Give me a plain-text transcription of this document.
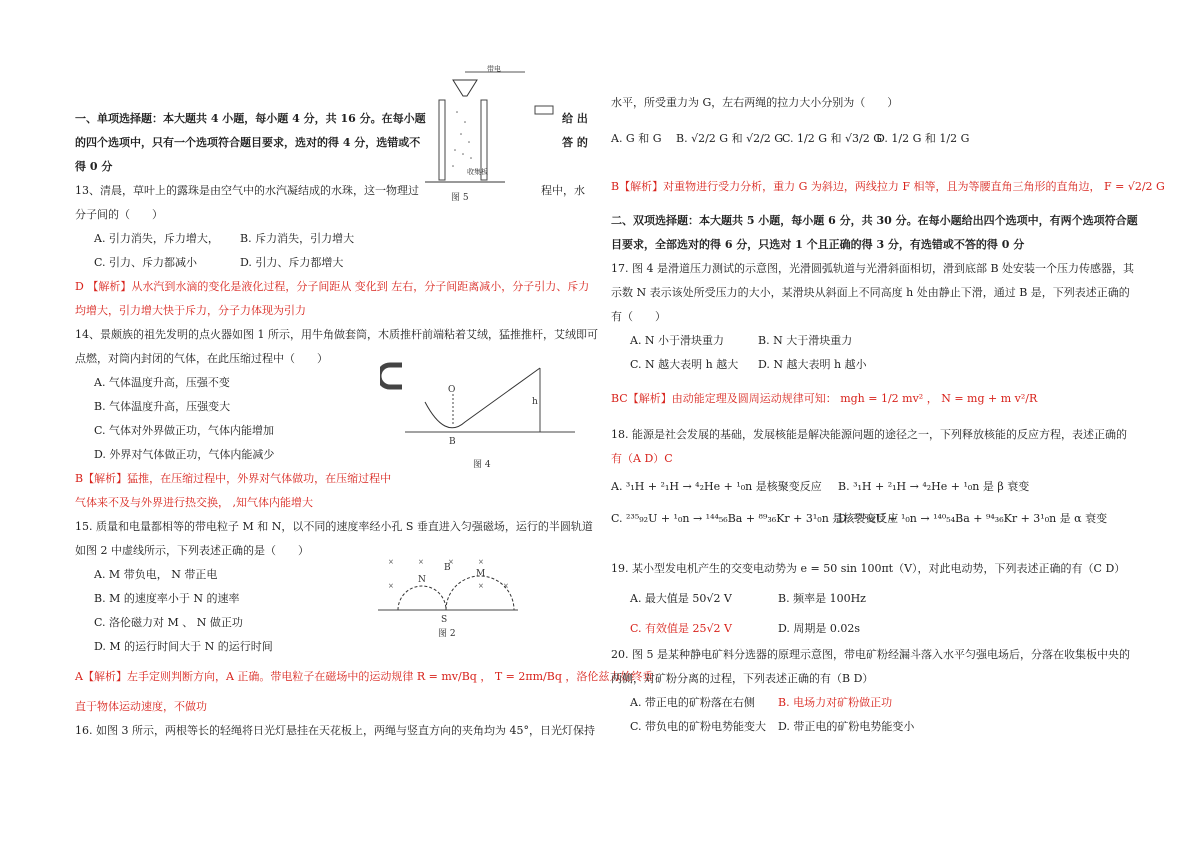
一、单项选择题：本大题共 4 小题，每小题 4 分，共 16 分。在每小题	给 出
的四个选项中，只有一个选项符合题目要求，选对的得 4 分，选错或不	答 的
得 0 分
13、清晨，草叶上的露珠是由空气中的水汽凝结成的水珠，这一物理过	程中，水
分子间的（　　）
A. 引力消失，斥力增大， B. 斥力消失，引力增大
C. 引力、斥力都减小	D. 引力、斥力都增大
D 【解析】从水汽到水滴的变化是液化过程，分子间距从 变化到 左右，分子间距离减小，分子引力、斥力
均增大，引力增大快于斥力，分子力体现为引力
14、景颇族的祖先发明的点火器如图 1 所示，用牛角做套筒，木质推杆前端粘着艾绒，猛推推杆，艾绒即可
点燃，对筒内封闭的气体，在此压缩过程中（　　）
A. 气体温度升高，压强不变
B. 气体温度升高，压强变大
C. 气体对外界做正功，气体内能增加
D. 外界对气体做正功，气体内能减少
B【解析】猛推，在压缩过程中，外界对气体做功，在压缩过程中
气体来不及与外界进行热交换， ,知气体内能增大
15. 质量和电量都相等的带电粒子 M 和 N，以不同的速度率经小孔 S 垂直进入匀强磁场，运行的半圆轨道
如图 2 中虚线所示，下列表述正确的是（　　）
A. M 带负电， N 带正电
B. M 的速度率小于 N 的速率
C. 洛伦磁力对 M 、 N 做正功
D. M 的运行时间大于 N 的运行时间
A【解析】左手定则判断方向，A 正确。带电粒子在磁场中的运动规律 R = mv/Bq ， T = 2πm/Bq ，洛伦兹力始终垂
直于物体运动速度，不做功
16. 如图 3 所示，两根等长的轻绳将日光灯悬挂在天花板上，两绳与竖直方向的夹角均为 45°，日光灯保持
带电
收集板
图 5
O
B
h
图 4
×	×	×	×
×	×	×
N
M
B
S
图 2
水平，所受重力为 G，左右两绳的拉力大小分别为（　　）
A. G 和 G B. √2/2 G 和 √2/2 G
C. 1/2 G 和 √3/2 G
D. 1/2 G 和 1/2 G
B【解析】对重物进行受力分析，重力 G 为斜边，两线拉力 F 相等，且为等腰直角三角形的直角边， F = √2/2 G
二、双项选择题：本大题共 5 小题，每小题 6 分，共 30 分。在每小题给出四个选项中，有两个选项符合题
目要求，全部选对的得 6 分，只选对 1 个且正确的得 3 分，有选错或不答的得 0 分
17. 图 4 是滑道压力测试的示意图，光滑圆弧轨道与光滑斜面相切，滑到底部 B 处安装一个压力传感器，其
示数 N 表示该处所受压力的大小，某滑块从斜面上不同高度 h 处由静止下滑，通过 B 是，下列表述正确的
有（　　）
A. N 小于滑块重力	B. N 大于滑块重力
C. N 越大表明 h 越大 D. N 越大表明 h 越小
BC【解析】由动能定理及圆周运动规律可知： mgh = 1/2 mv² ， N = mg + m v²/R
18. 能源是社会发展的基础，发展核能是解决能源问题的途径之一，下列释放核能的反应方程，表述正确的
有（A D）C
A. ³₁H + ²₁H → ⁴₂He + ¹₀n 是核聚变反应 B. ³₁H + ²₁H → ⁴₂He + ¹₀n 是 β 衰变
C. ²³⁵₉₂U + ¹₀n → ¹⁴⁴₅₆Ba + ⁸⁹₃₆Kr + 3¹₀n 是核裂变反应
D. ²³⁵₉₂U + ¹₀n → ¹⁴⁰₅₄Ba + ⁹⁴₃₆Kr + 3¹₀n 是 α 衰变
19. 某小型发电机产生的交变电动势为 e = 50 sin 100πt（V），对此电动势，下列表述正确的有（C D）
A. 最大值是 50√2 V	B. 频率是 100Hz
C. 有效值是 25√2 V	D. 周期是 0.02s
20. 图 5 是某种静电矿料分选器的原理示意图，带电矿粉经漏斗落入水平匀强电场后，分落在收集板中央的
两侧，对矿粉分离的过程，下列表述正确的有（B D）
A. 带正电的矿粉落在右侧 B. 电场力对矿粉做正功
C. 带负电的矿粉电势能变大 D. 带正电的矿粉电势能变小
